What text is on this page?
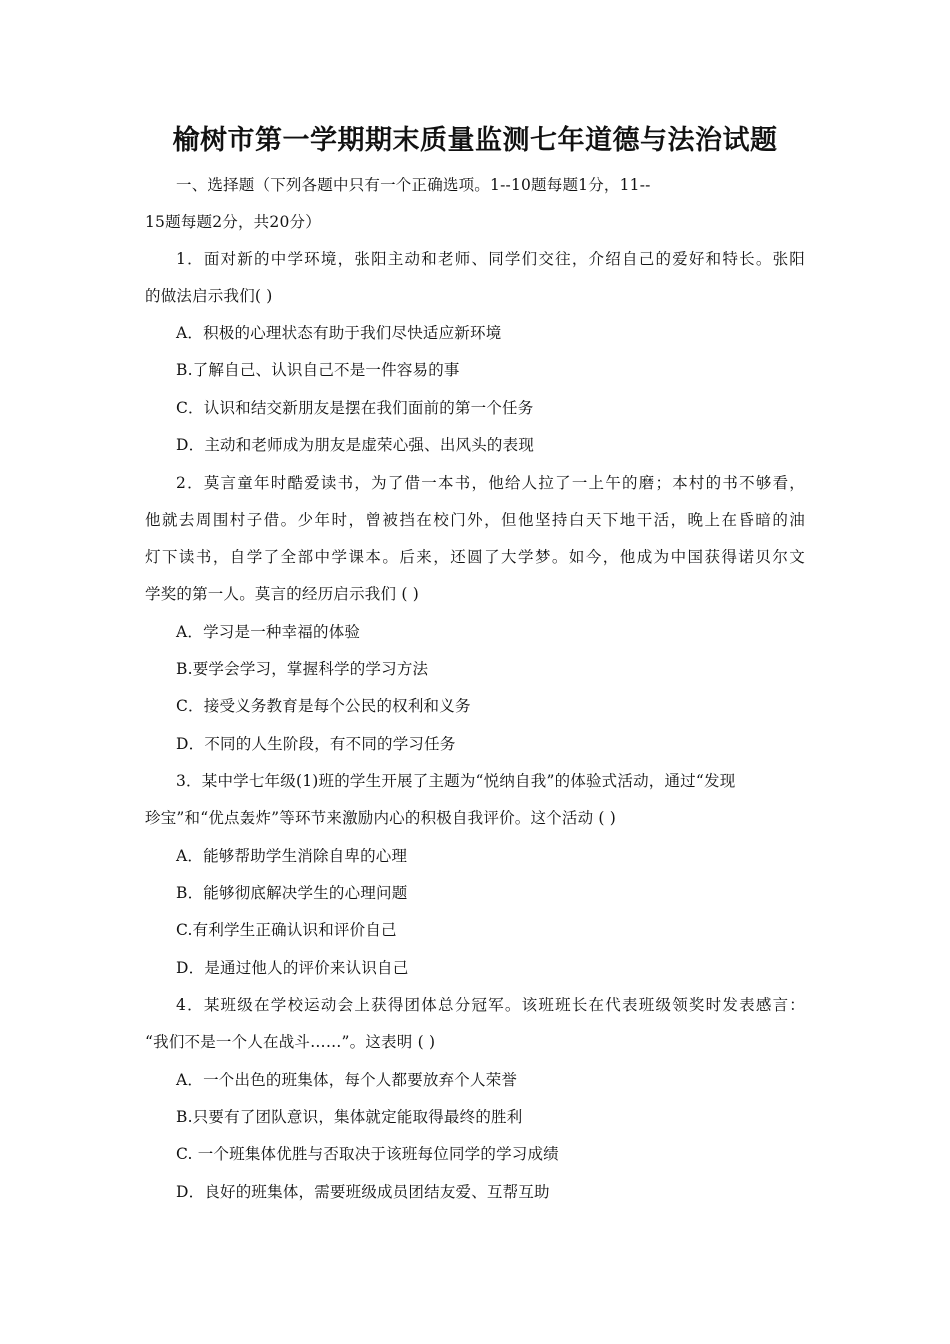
榆树市第一学期期末质量监测七年道德与法治试题
一、选择题（下列各题中只有一个正确选项。1--10题每题1分，11--
15题每题2分，共20分）
1．面对新的中学环境，张阳主动和老师、同学们交往，介绍自己的爱好和特长。张阳
的做法启示我们( )
A．积极的心理状态有助于我们尽快适应新环境
B.了解自己、认识自己不是一件容易的事
C．认识和结交新朋友是摆在我们面前的第一个任务
D．主动和老师成为朋友是虚荣心强、出风头的表现
2．莫言童年时酷爱读书，为了借一本书，他给人拉了一上午的磨；本村的书不够看，
他就去周围村子借。少年时，曾被挡在校门外，但他坚持白天下地干活，晚上在昏暗的油
灯下读书，自学了全部中学课本。后来，还圆了大学梦。如今，他成为中国获得诺贝尔文
学奖的第一人。莫言的经历启示我们 ( )
A．学习是一种幸福的体验
B.要学会学习，掌握科学的学习方法
C．接受义务教育是每个公民的权利和义务
D．不同的人生阶段，有不同的学习任务
3．某中学七年级(1)班的学生开展了主题为“悦纳自我”的体验式活动，通过“发现
珍宝”和“优点轰炸”等环节来激励内心的积极自我评价。这个活动 ( )
A．能够帮助学生消除自卑的心理
B．能够彻底解决学生的心理问题
C.有利学生正确认识和评价自己
D．是通过他人的评价来认识自己
4．某班级在学校运动会上获得团体总分冠军。该班班长在代表班级领奖时发表感言：
“我们不是一个人在战斗……”。这表明 ( )
A．一个出色的班集体，每个人都要放弃个人荣誉
B.只要有了团队意识，集体就定能取得最终的胜利
C. 一个班集体优胜与否取决于该班每位同学的学习成绩
D．良好的班集体，需要班级成员团结友爱、互帮互助
